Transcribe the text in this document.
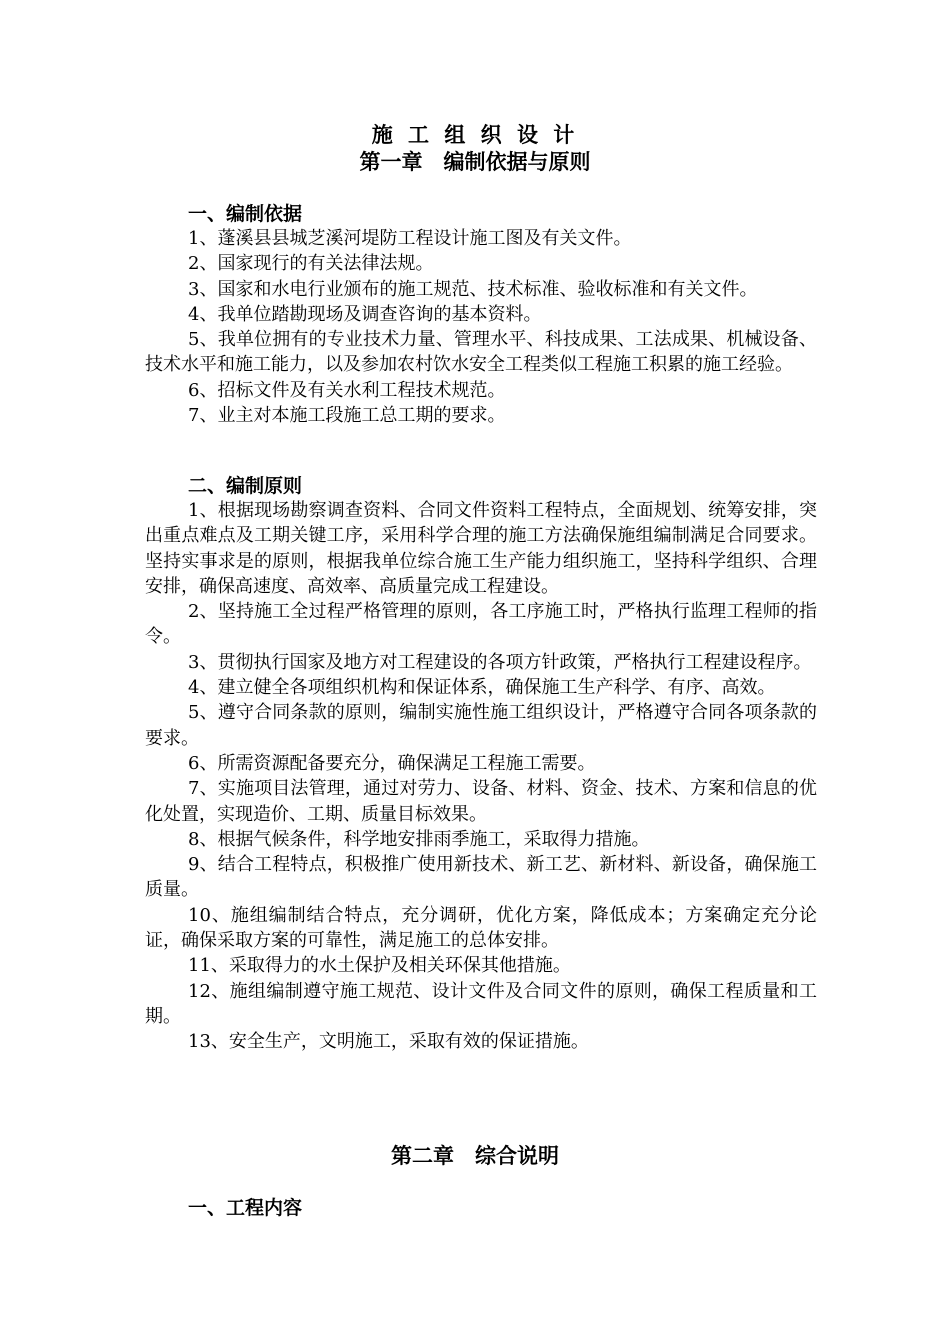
施 工 组 织 设 计
第一章　编制依据与原则
一、编制依据

1、蓬溪县县城芝溪河堤防工程设计施工图及有关文件。

2、国家现行的有关法律法规。

3、国家和水电行业颁布的施工规范、技术标准、验收标准和有关文件。

4、我单位踏勘现场及调查咨询的基本资料。

5、我单位拥有的专业技术力量、管理水平、科技成果、工法成果、机械设备、技术水平和施工能力，以及参加农村饮水安全工程类似工程施工积累的施工经验。

6、招标文件及有关水利工程技术规范。

7、业主对本施工段施工总工期的要求。

二、编制原则

1、根据现场勘察调查资料、合同文件资料工程特点，全面规划、统筹安排，突出重点难点及工期关键工序，采用科学合理的施工方法确保施组编制满足合同要求。坚持实事求是的原则，根据我单位综合施工生产能力组织施工，坚持科学组织、合理安排，确保高速度、高效率、高质量完成工程建设。

2、坚持施工全过程严格管理的原则，各工序施工时，严格执行监理工程师的指令。

3、贯彻执行国家及地方对工程建设的各项方针政策，严格执行工程建设程序。

4、建立健全各项组织机构和保证体系，确保施工生产科学、有序、高效。

5、遵守合同条款的原则，编制实施性施工组织设计，严格遵守合同各项条款的要求。

6、所需资源配备要充分，确保满足工程施工需要。

7、实施项目法管理，通过对劳力、设备、材料、资金、技术、方案和信息的优化处置，实现造价、工期、质量目标效果。

8、根据气候条件，科学地安排雨季施工，采取得力措施。

9、结合工程特点，积极推广使用新技术、新工艺、新材料、新设备，确保施工质量。

10、施组编制结合特点，充分调研，优化方案，降低成本；方案确定充分论证，确保采取方案的可靠性，满足施工的总体安排。

11、采取得力的水土保护及相关环保其他措施。

12、施组编制遵守施工规范、设计文件及合同文件的原则，确保工程质量和工期。

13、安全生产，文明施工，采取有效的保证措施。

第二章　综合说明
一、工程内容
